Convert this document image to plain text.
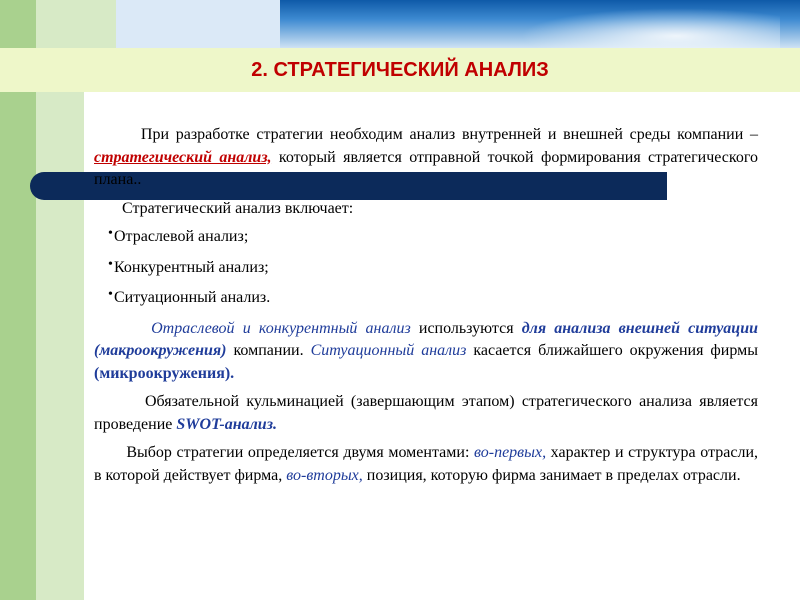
2. СТРАТЕГИЧЕСКИЙ АНАЛИЗ

При разработке стратегии необходим анализ внутренней и внешней среды компании – стратегический анализ, который является отправной точкой формирования стратегического плана..

Стратегический анализ включает:

• Отраслевой анализ;
• Конкурентный анализ;
• Ситуационный анализ.

Отраслевой и конкурентный анализ используются для анализа внешней ситуации (макроокружения) компании. Ситуационный анализ касается ближайшего окружения фирмы (микроокружения).

Обязательной кульминацией (завершающим этапом) стратегического анализа является проведение SWOT-анализ.

Выбор стратегии определяется двумя моментами: во-первых, характер и структура отрасли, в которой действует фирма, во-вторых, позиция, которую фирма занимает в пределах отрасли.
